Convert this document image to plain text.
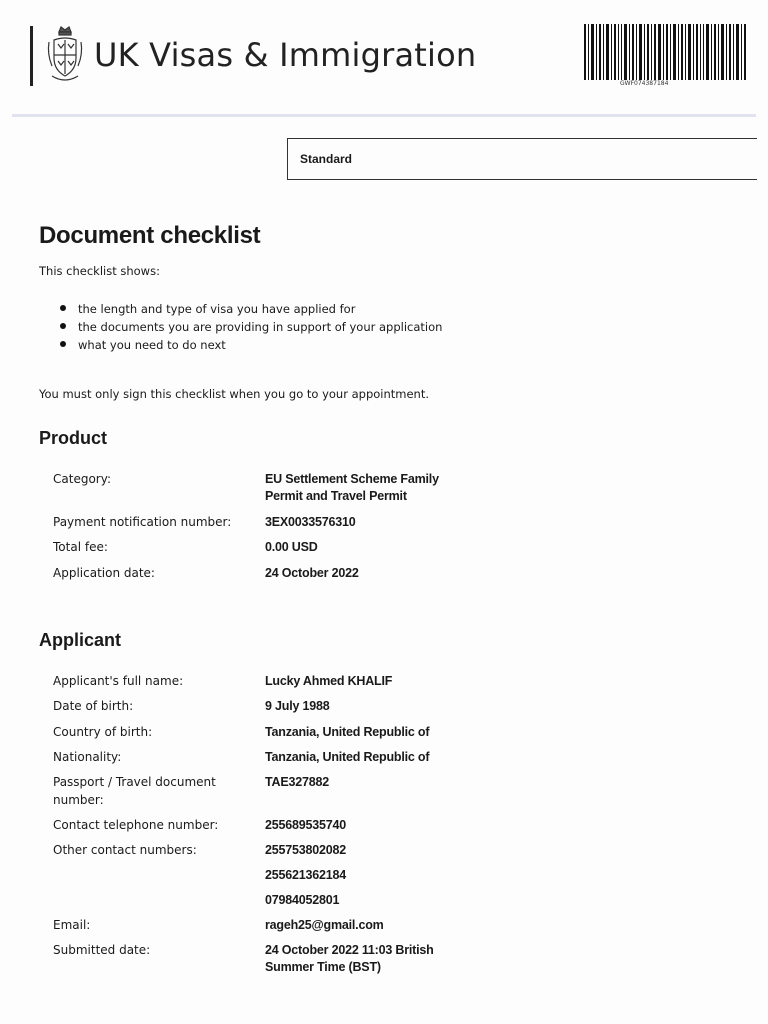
UK Visas & Immigration
GWF074387184
Standard
Document checklist
This checklist shows:
the length and type of visa you have applied for
the documents you are providing in support of your application
what you need to do next
You must only sign this checklist when you go to your appointment.
Product
Category:	EU Settlement Scheme Family Permit and Travel Permit
Payment notification number:	3EX0033576310
Total fee:	0.00 USD
Application date:	24 October 2022
Applicant
Applicant's full name:	Lucky Ahmed KHALIF
Date of birth:	9 July 1988
Country of birth:	Tanzania, United Republic of
Nationality:	Tanzania, United Republic of
Passport / Travel document number:
TAE327882
Contact telephone number:	255689535740
Other contact numbers:	255753802082
255621362184
07984052801
Email:	rageh25@gmail.com
Submitted date:	24 October 2022 11:03 British Summer Time (BST)
